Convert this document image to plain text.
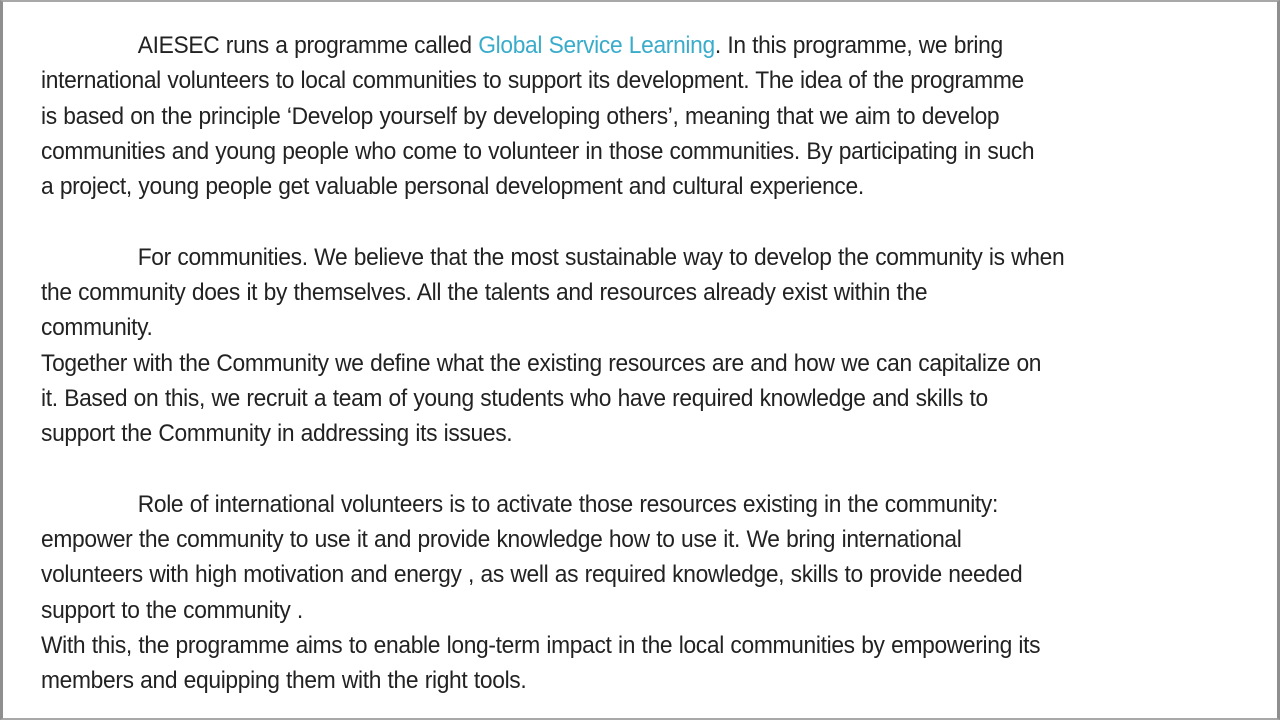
AIESEC runs a programme called Global Service Learning. In this programme, we bring
international volunteers to local communities to support its development. The idea of the programme
is based on the principle ‘Develop yourself by developing others’, meaning that we aim to develop
communities and young people who come to volunteer in those communities. By participating in such
a project, young people get valuable personal development and cultural experience.
For communities. We believe that the most sustainable way to develop the community is when
the community does it by themselves. All the talents and resources already exist within the
community.
Together with the Community we define what the existing resources are and how we can capitalize on
it. Based on this, we recruit a team of young students who have required knowledge and skills to
support the Community in addressing its issues.
Role of international volunteers is to activate those resources existing in the community:
empower the community to use it and provide knowledge how to use it. We bring international
volunteers with high motivation and energy , as well as required knowledge, skills to provide needed
support to the community .
With this, the programme aims to enable long-term impact in the local communities by empowering its
members and equipping them with the right tools.
